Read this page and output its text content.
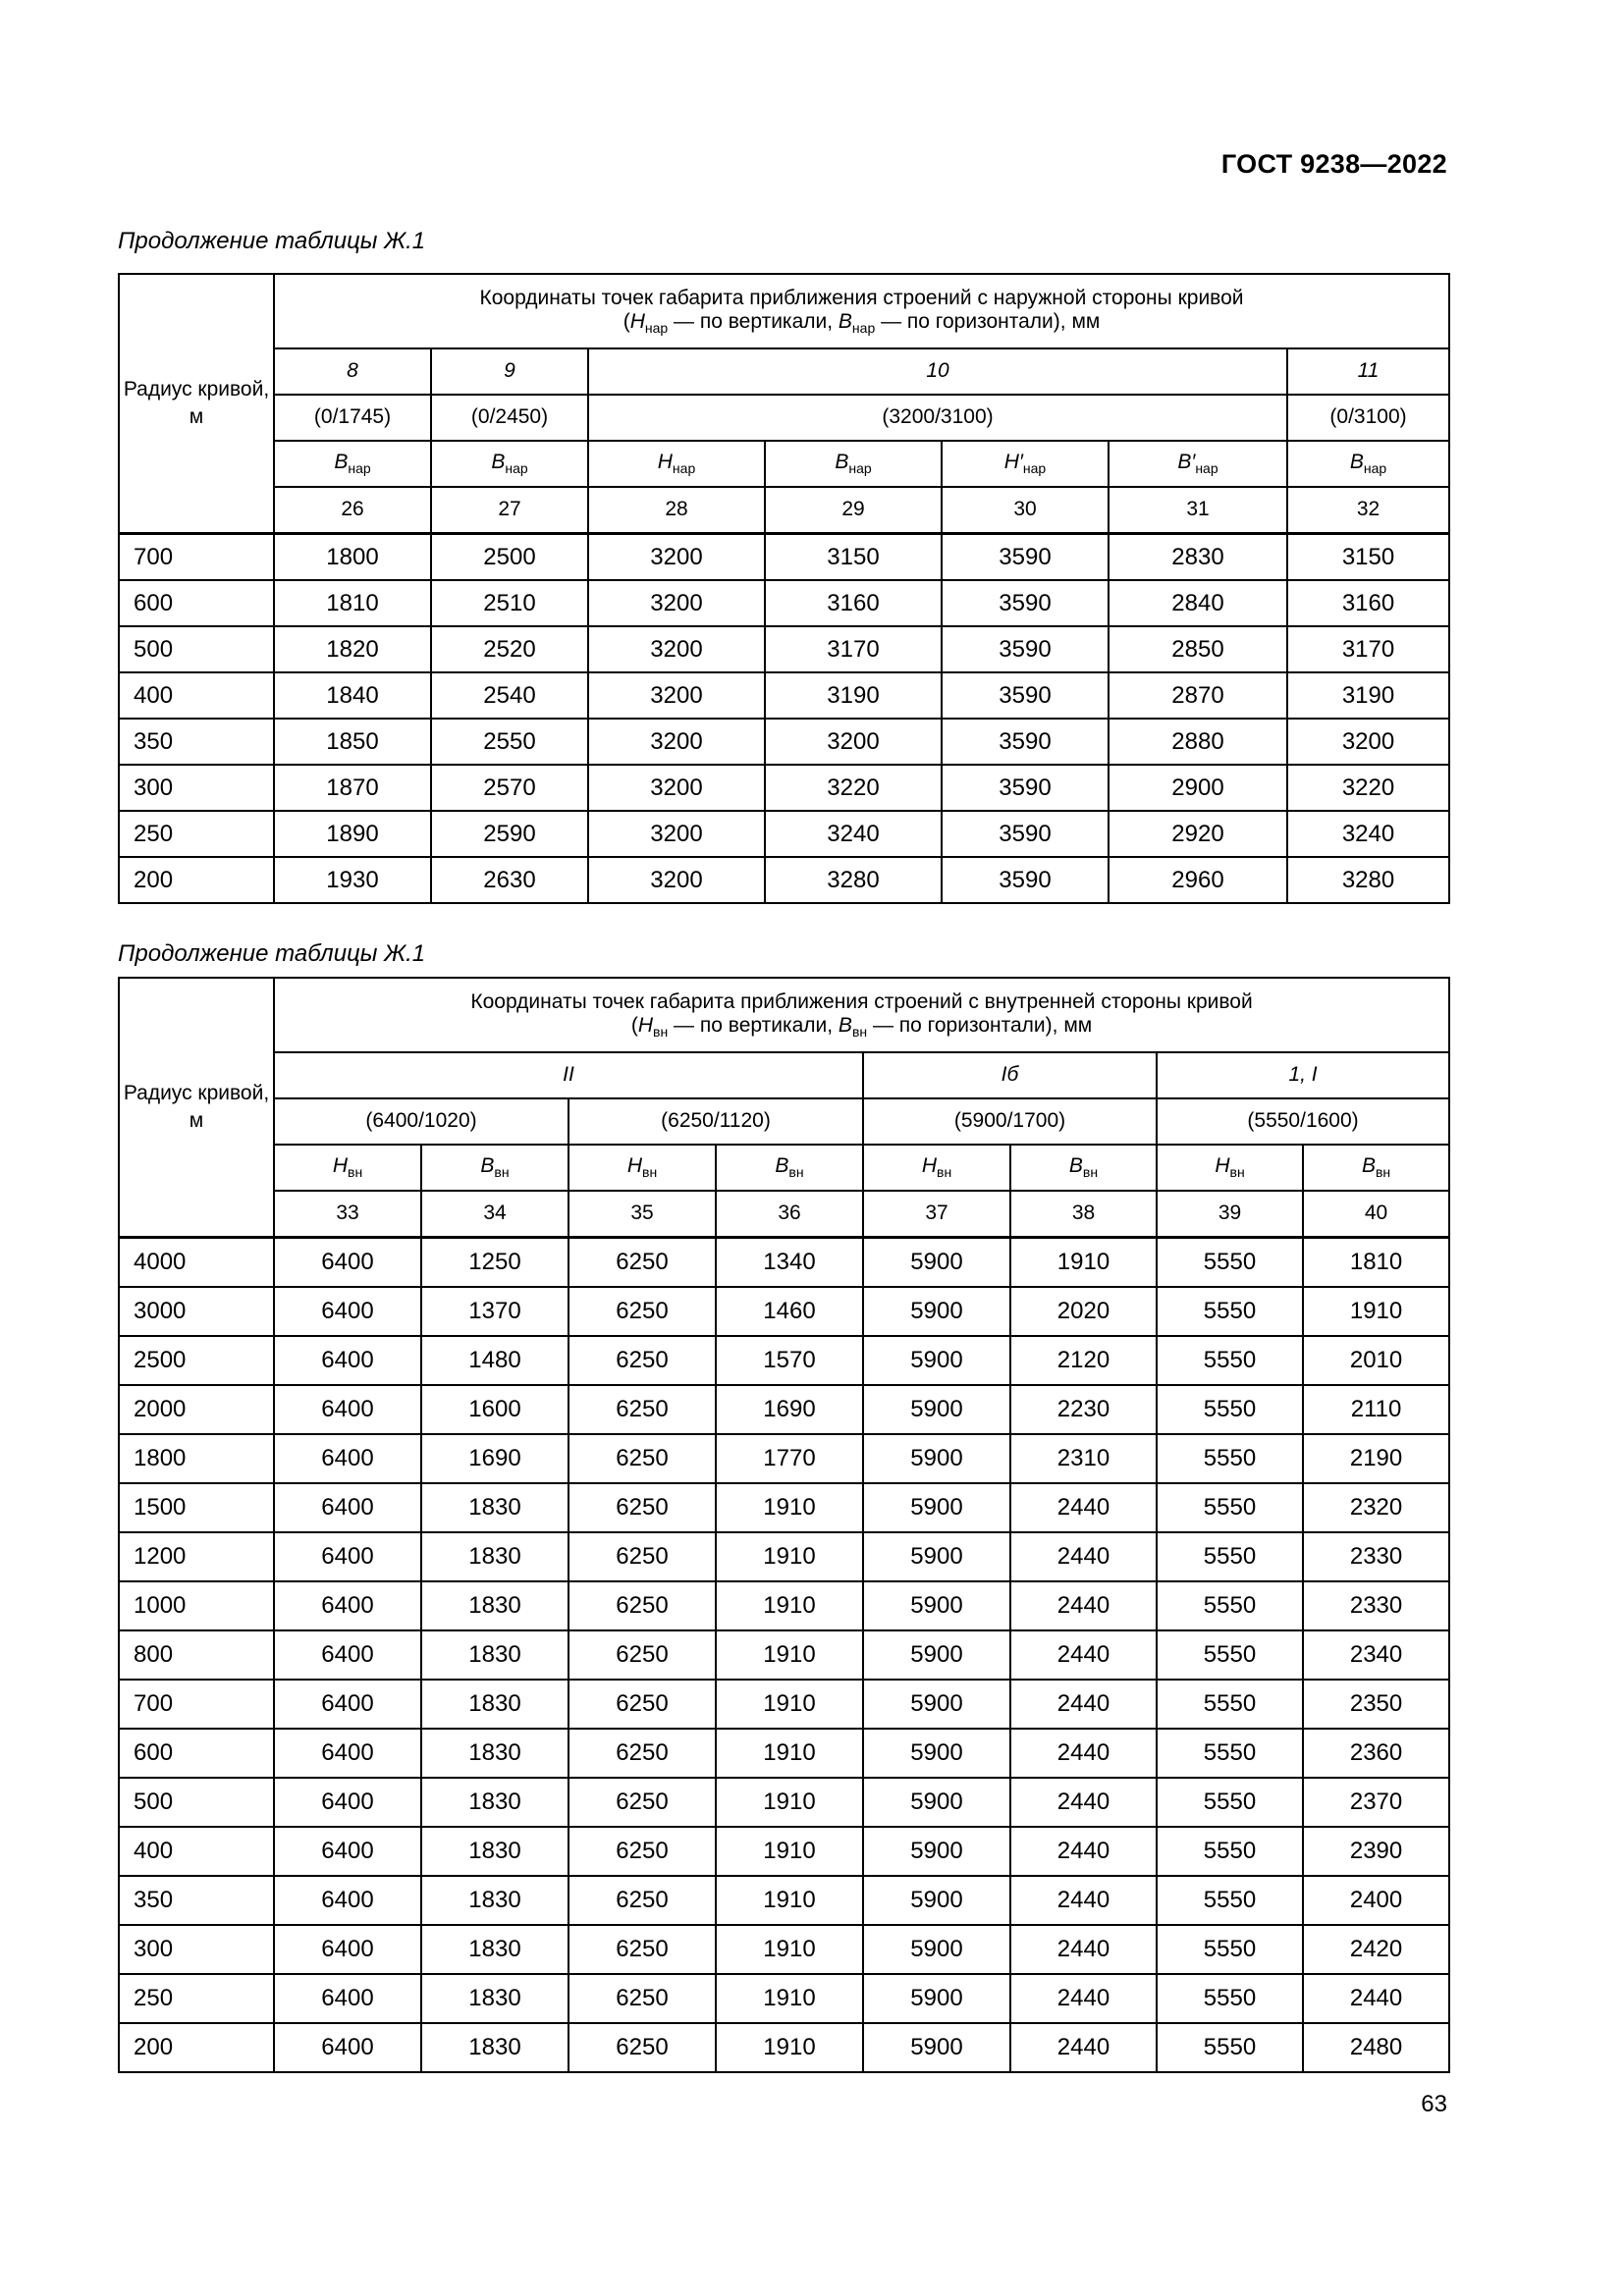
ГОСТ 9238—2022
Продолжение таблицы Ж.1
Радиус кривой, м	Координаты точек габарита приближения строений с наружной стороны кривой
($H_{нар}$ — по вертикали, $B_{нар}$ — по горизонтали), мм						

	8	9	10				11
	(0/1745)	(0/2450)	(3200/3100)				(0/3100)
	$B_{нар}$	$B_{нар}$	$H_{нар}$	$B_{нар}$	$H'_{нар}$	$B'_{нар}$	$B_{нар}$
	26	27	28	29	30	31	32
700	1800	2500	3200	3150	3590	2830	3150
600	1810	2510	3200	3160	3590	2840	3160
500	1820	2520	3200	3170	3590	2850	3170
400	1840	2540	3200	3190	3590	2870	3190
350	1850	2550	3200	3200	3590	2880	3200
300	1870	2570	3200	3220	3590	2900	3220
250	1890	2590	3200	3240	3590	2920	3240
200	1930	2630	3200	3280	3590	2960	3280
Продолжение таблицы Ж.1
Радиус кривой, м	Координаты точек габарита приближения строений с внутренней стороны кривой
($H_{вн}$ — по вертикали, $B_{вн}$ — по горизонтали), мм							

	II				Iб		1, I	
	(6400/1020)		(6250/1120)		(5900/1700)		(5550/1600)	
	$H_{вн}$	$B_{вн}$	$H_{вн}$	$B_{вн}$	$H_{вн}$	$B_{вн}$	$H_{вн}$	$B_{вн}$
	33	34	35	36	37	38	39	40
4000	6400	1250	6250	1340	5900	1910	5550	1810
3000	6400	1370	6250	1460	5900	2020	5550	1910
2500	6400	1480	6250	1570	5900	2120	5550	2010
2000	6400	1600	6250	1690	5900	2230	5550	2110
1800	6400	1690	6250	1770	5900	2310	5550	2190
1500	6400	1830	6250	1910	5900	2440	5550	2320
1200	6400	1830	6250	1910	5900	2440	5550	2330
1000	6400	1830	6250	1910	5900	2440	5550	2330
800	6400	1830	6250	1910	5900	2440	5550	2340
700	6400	1830	6250	1910	5900	2440	5550	2350
600	6400	1830	6250	1910	5900	2440	5550	2360
500	6400	1830	6250	1910	5900	2440	5550	2370
400	6400	1830	6250	1910	5900	2440	5550	2390
350	6400	1830	6250	1910	5900	2440	5550	2400
300	6400	1830	6250	1910	5900	2440	5550	2420
250	6400	1830	6250	1910	5900	2440	5550	2440
200	6400	1830	6250	1910	5900	2440	5550	2480
63
